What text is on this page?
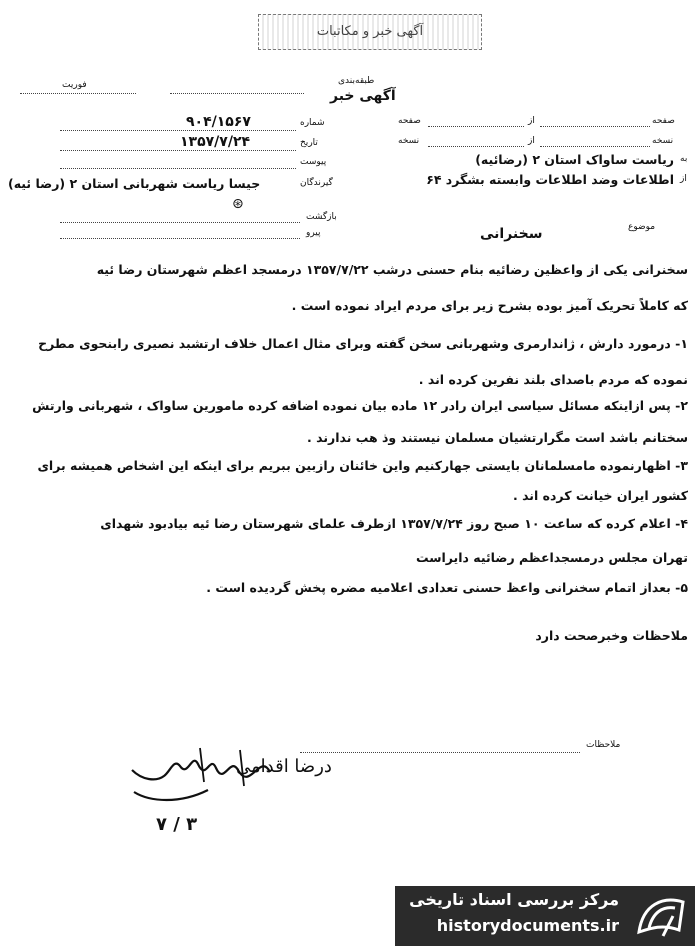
آگهی‌ خبر و مکاتبات
فوریت	طبقه‌بندی
آگهی خبر
صفحه
از
صفحه
نسخه
از
نسخه
شماره
۹۰۴/۱۵۶۷
تاریخ
۱۳۵۷/۷/۲۴
پیوست	به
ریاست ساواک استان ۲ (رضائیه)
از
اطلاعات وضد اطلاعات وابسته بشگرد ۶۴
گیرندگان
جیسا ریاست شهربانی استان ۲ (رضا ئیه)
⊛
بازگشت
پیرو
موضوع
سخنرانی
سخنرانی یکی از واعظین رضائیه بنام حسنی درشب ۱۳۵۷/۷/۲۲ درمسجد اعظم شهرستان رضا ئیه
که کاملاً تحریک آمیز بوده بشرح زیر برای مردم ایراد نموده است .
۱- درمورد دارش ، ژاندارمری وشهربانی سخن گفته وبرای مثال اعمال خلاف ارتشبد نصیری رابنحوی مطرح
نموده که مردم باصدای بلند نفرین کرده اند .
۲- پس ازاینکه مسائل سیاسی ایران رادر ۱۲ ماده بیان نموده اضافه کرده مامورین ساواک ، شهربانی وارتش
سختانم باشد است مگرارتشیان مسلمان نیستند وذ هب ندارند .
۳- اظهارنموده مامسلمانان بایستی جهارکنیم واین خائنان رازبین ببریم برای اینکه این اشخاص همیشه برای
کشور ایران خیانت کرده اند .
۴- اعلام کرده که ساعت ۱۰ صبح روز ۱۳۵۷/۷/۲۴ ازطرف علمای شهرستان رضا ئیه بیادبود شهدای
تهران مجلس درمسجداعظم رضائیه دایراست
۵- بعداز اتمام سخنرانی واعظ حسنی تعدادی اعلامیه مضره پخش گردیده است .
ملاحظات وخبرصحت دارد
ملاحظات
درضا اقدامی
۳ / ۷
مرکز بررسی اسناد تاریخی
historydocuments.ir
